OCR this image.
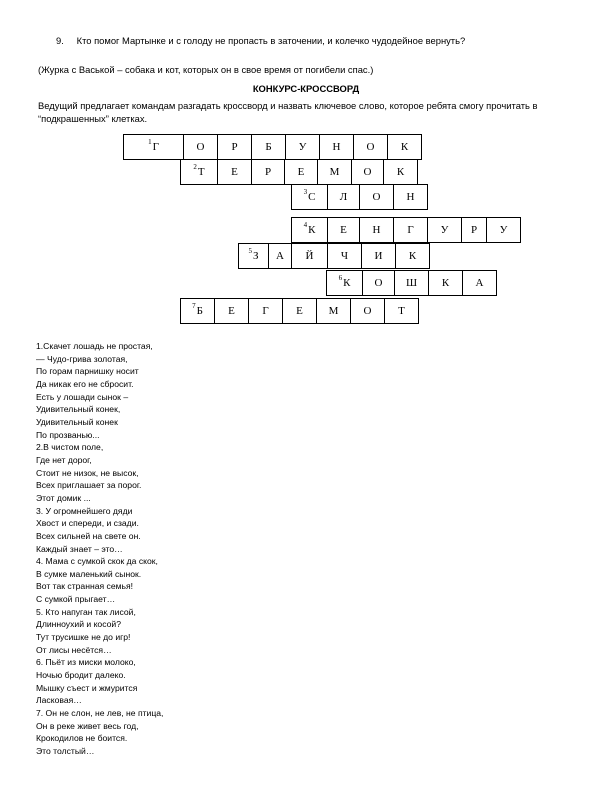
9. Кто помог Мартынке и с голоду не пропасть в заточении, и колечко чудодейное вернуть?
(Журка с Васькой – собака и кот, которых он в свое время от погибели спас.)
КОНКУРС-КРОССВОРД
Ведущий предлагает командам разгадать кроссворд и назвать ключевое слово, которое ребята смогу прочитать в “подкрашенных” клетках.
1 Г	О Р	Б У Н О К
2 Т Е Р Е М О К
3 С Л О Н
4 К Е Н Г У Р У
5 З А Й Ч И К
6 К О Ш К А
7 Б Е Г Е М О Т
1.Скачет лошадь не простая,
— Чудо-грива золотая,
По горам парнишку носит
Да никак его не сбросит.
Есть у лошади сынок –
Удивительный конек,
Удивительный конек
По прозванью...
2.В чистом поле,
Где нет дорог,
Стоит не низок, не высок,
Всех приглашает за порог.
Этот домик ...
3. У огромнейшего дяди
Хвост и спереди, и сзади.
Всех сильней на свете он.
Каждый знает – это…
4. Мама с сумкой скок да скок,
В сумке маленький сынок.
Вот так странная семья!
С сумкой прыгает…
5. Кто напуган так лисой,
Длинноухий и косой?
Тут трусишке не до игр!
От лисы несётся…
6. Пьёт из миски молоко,
Ночью бродит далеко.
Мышку съест и жмурится
Ласковая…
7. Он не слон, не лев, не птица,
Он в реке живет весь год,
Крокодилов не боится.
Это толстый…
